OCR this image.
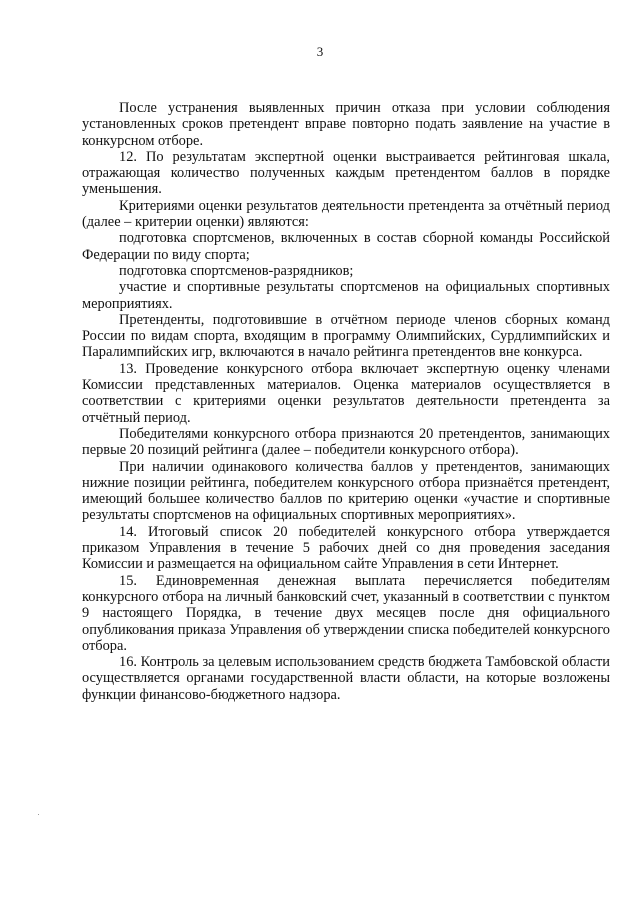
3

После устранения выявленных причин отказа при условии соблюдения установленных сроков претендент вправе повторно подать заявление на участие в конкурсном отборе.

12. По результатам экспертной оценки выстраивается рейтинговая шкала, отражающая количество полученных каждым претендентом баллов в порядке уменьшения.

Критериями оценки результатов деятельности претендента за отчётный период (далее – критерии оценки) являются:

подготовка спортсменов, включенных в состав сборной команды Российской Федерации по виду спорта;

подготовка спортсменов-разрядников;

участие и спортивные результаты спортсменов на официальных спортивных мероприятиях.

Претенденты, подготовившие в отчётном периоде членов сборных команд России по видам спорта, входящим в программу Олимпийских, Сурдлимпийских и Паралимпийских игр, включаются в начало рейтинга претендентов вне конкурса.

13. Проведение конкурсного отбора включает экспертную оценку членами Комиссии представленных материалов. Оценка материалов осуществляется в соответствии с критериями оценки результатов деятельности претендента за отчётный период.

Победителями конкурсного отбора признаются 20 претендентов, занимающих первые 20 позиций рейтинга (далее – победители конкурсного отбора).

При наличии одинакового количества баллов у претендентов, занимающих нижние позиции рейтинга, победителем конкурсного отбора признаётся претендент, имеющий большее количество баллов по критерию оценки «участие и спортивные результаты спортсменов на официальных спортивных мероприятиях».

14. Итоговый список 20 победителей конкурсного отбора утверждается приказом Управления в течение 5 рабочих дней со дня проведения заседания Комиссии и размещается на официальном сайте Управления в сети Интернет.

15. Единовременная денежная выплата перечисляется победителям конкурсного отбора на личный банковский счет, указанный в соответствии с пунктом 9 настоящего Порядка, в течение двух месяцев после дня официального опубликования приказа Управления об утверждении списка победителей конкурсного отбора.

16. Контроль за целевым использованием средств бюджета Тамбовской области осуществляется органами государственной власти области, на которые возложены функции финансово-бюджетного надзора.
